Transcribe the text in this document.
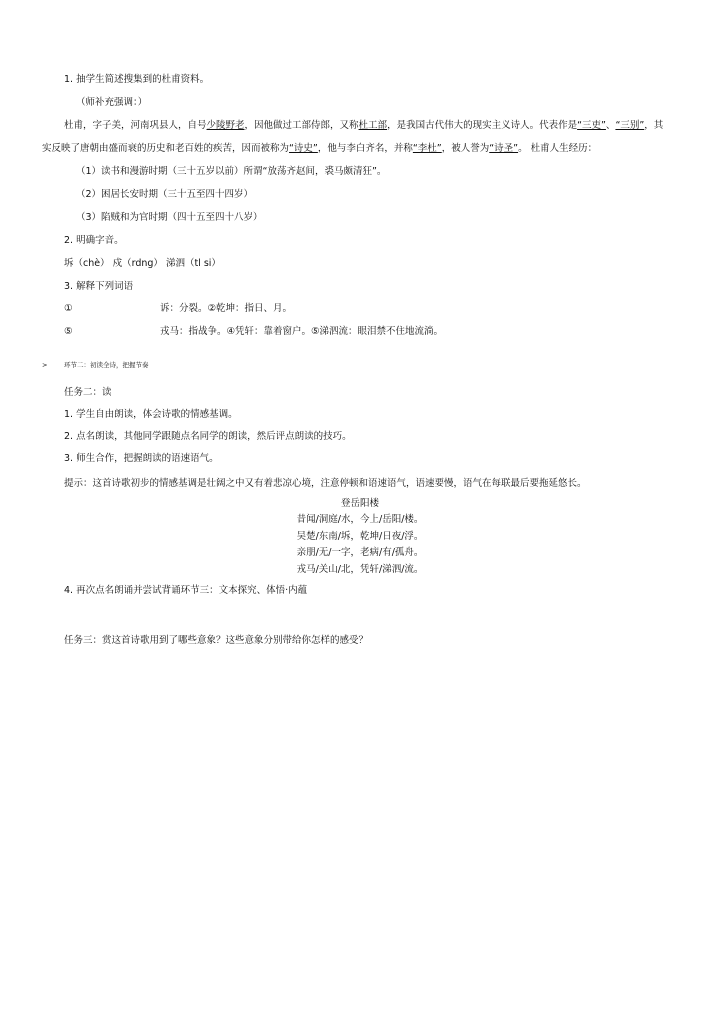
1. 抽学生简述搜集到的杜甫资料。
（师补充强调：）
杜甫，字子美，河南巩县人，自号少陵野老，因他做过工部侍郎，又称杜工部，是我国古代伟大的现实主义诗人。代表作是“三吏”、“三别”，其
实反映了唐朝由盛而衰的历史和老百姓的疾苦，因而被称为“诗史”，他与李白齐名，并称“李杜”，被人誉为“诗圣”。 杜甫人生经历：
（1）读书和漫游时期（三十五岁以前）所谓“放荡齐赵间，裘马颇清狂”。
（2）困居长安时期（三十五至四十四岁）
（3）陷贼和为官时期（四十五至四十八岁）
2. 明确字音。
坼（chè） 戍（rdng） 涕泗（tl si）
3. 解释下列词语
①	诉：分裂。②乾坤：指日、月。
⑤	戎马：指战争。④凭轩：靠着窗户。⑤涕泗流：眼泪禁不住地流淌。
>	环节二：初读全诗，把握节奏
任务二：读
1. 学生自由朗读，体会诗歌的情感基调。
2. 点名朗读，其他同学跟随点名同学的朗读，然后评点朗读的技巧。
3. 师生合作，把握朗读的语速语气。
提示：这首诗歌初步的情感基调是壮阔之中又有着悲凉心境，注意停顿和语速语气，语速要慢，语气在每联最后要拖延悠长。
登岳阳楼
昔闻/洞庭/水，今上/岳阳/楼。
吴楚/东南/坼，乾坤/日夜/浮。
亲朋/无/一字，老病/有/孤舟。
戎马/关山/北，凭轩/涕泗/流。
4. 再次点名朗诵并尝试背诵环节三：文本探究、体悟·内蕴
任务三：赏这首诗歌用到了哪些意象？这些意象分别带给你怎样的感受？
